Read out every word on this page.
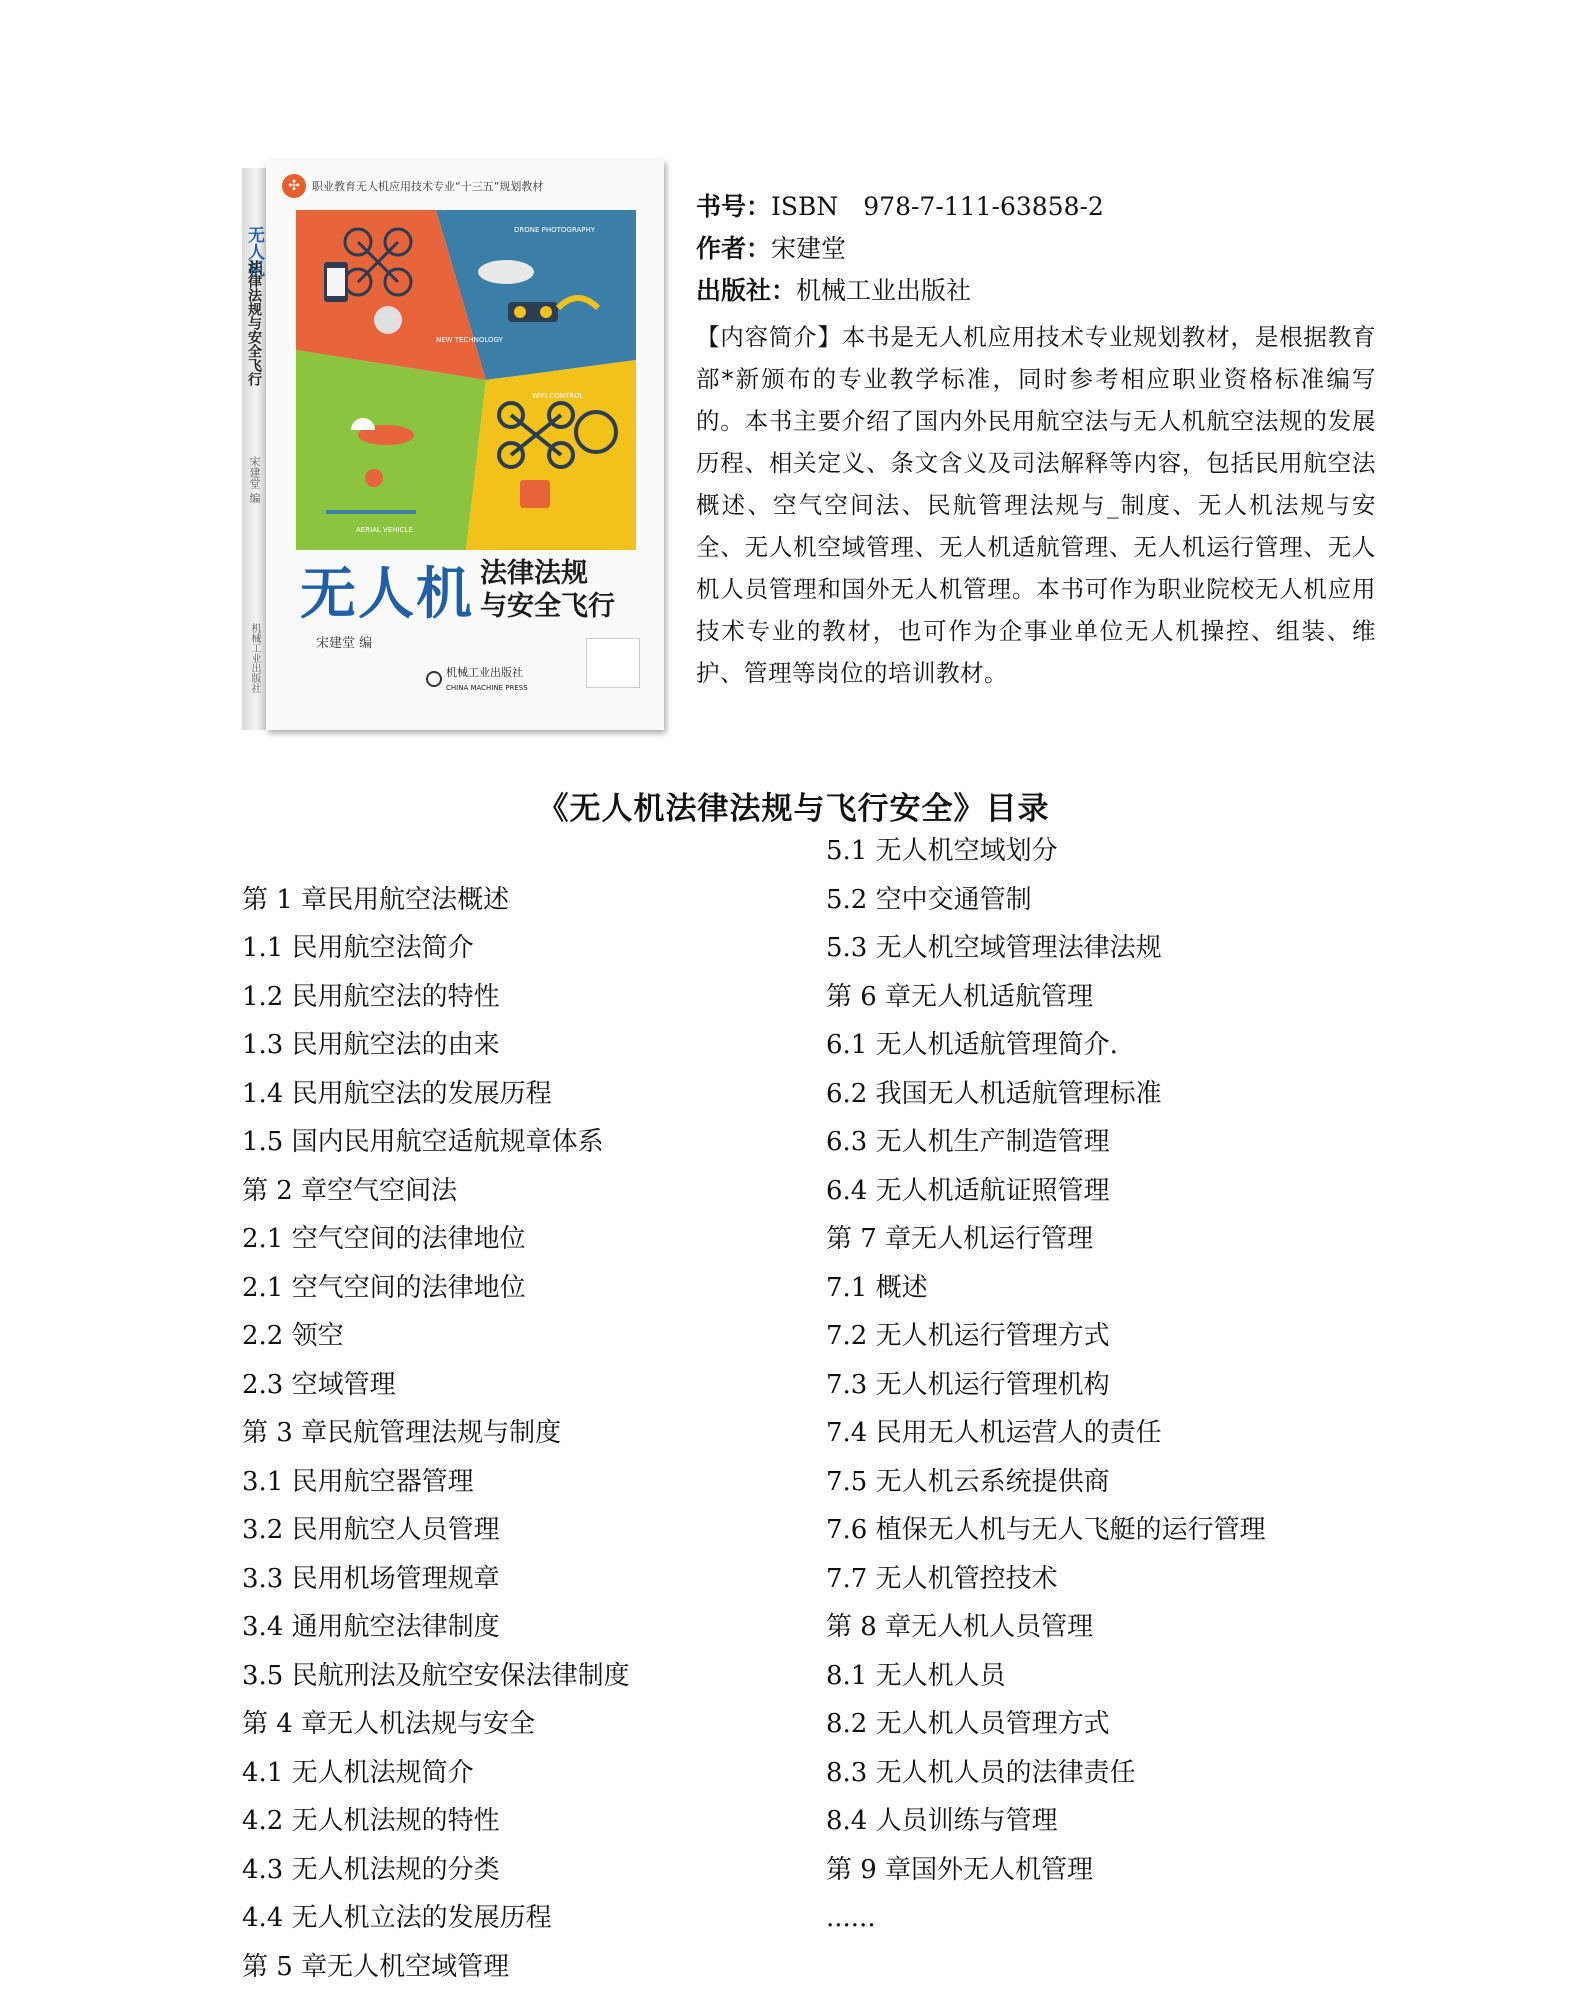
无人机
法律法规与安全飞行
宋建堂 编
机械工业出版社
✣	职业教育无人机应用技术专业“十三五”规划教材
NEW TECHNOLOGY
DRONE PHOTOGRAPHY
AERIAL VEHICLE
WIFI CONTROL
无人机 法律法规
与安全飞行
宋建堂 编
机械工业出版社
CHINA MACHINE PRESS
书号：ISBN　978-7-111-63858-2
作者：宋建堂
出版社：机械工业出版社
【内容简介】本书是无人机应用技术专业规划教材，是根据教育部*新颁布的专业教学标准，同时参考相应职业资格标准编写的。本书主要介绍了国内外民用航空法与无人机航空法规的发展历程、相关定义、条文含义及司法解释等内容，包括民用航空法概述、空气空间法、民航管理法规与_制度、无人机法规与安全、无人机空域管理、无人机适航管理、无人机运行管理、无人机人员管理和国外无人机管理。本书可作为职业院校无人机应用技术专业的教材，也可作为企事业单位无人机操控、组装、维护、管理等岗位的培训教材。
《无人机法律法规与飞行安全》目录
第 1 章民用航空法概述
1.1 民用航空法简介
1.2 民用航空法的特性
1.3 民用航空法的由来
1.4 民用航空法的发展历程
1.5 国内民用航空适航规章体系
第 2 章空气空间法
2.1 空气空间的法律地位
2.1 空气空间的法律地位
2.2 领空
2.3 空域管理
第 3 章民航管理法规与制度
3.1 民用航空器管理
3.2 民用航空人员管理
3.3 民用机场管理规章
3.4 通用航空法律制度
3.5 民航刑法及航空安保法律制度
第 4 章无人机法规与安全
4.1 无人机法规简介
4.2 无人机法规的特性
4.3 无人机法规的分类
4.4 无人机立法的发展历程
第 5 章无人机空域管理
5.1 无人机空域划分
5.2 空中交通管制
5.3 无人机空域管理法律法规
第 6 章无人机适航管理
6.1 无人机适航管理简介.
6.2 我国无人机适航管理标准
6.3 无人机生产制造管理
6.4 无人机适航证照管理
第 7 章无人机运行管理
7.1 概述
7.2 无人机运行管理方式
7.3 无人机运行管理机构
7.4 民用无人机运营人的责任
7.5 无人机云系统提供商
7.6 植保无人机与无人飞艇的运行管理
7.7 无人机管控技术
第 8 章无人机人员管理
8.1 无人机人员
8.2 无人机人员管理方式
8.3 无人机人员的法律责任
8.4 人员训练与管理
第 9 章国外无人机管理
......
